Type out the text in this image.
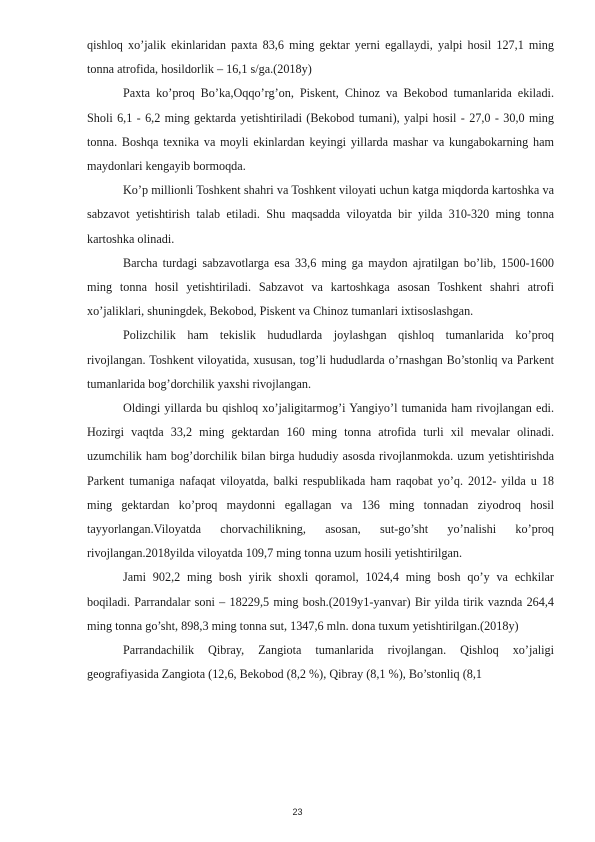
qishloq xo’jalik ekinlaridan paxta 83,6 ming gektar yerni egallaydi, yalpi hosil 127,1 ming tonna atrofida, hosildorlik – 16,1 s/ga.(2018y)

Paxta ko’proq Bo’ka,Oqqo’rg’on, Piskent, Chinoz va Bekobod tumanlarida ekiladi. Sholi 6,1 - 6,2 ming gektarda yetishtiriladi (Bekobod tumani), yalpi hosil - 27,0 - 30,0 ming tonna. Boshqa texnika va moyli ekinlardan keyingi yillarda mashar va kungabokarning ham maydonlari kengayib bormoqda.

Ko’p millionli Toshkent shahri va Toshkent viloyati uchun katga miqdorda kartoshka va sabzavot yetishtirish talab etiladi. Shu maqsadda viloyatda bir yilda 310-320 ming tonna kartoshka olinadi.

Barcha turdagi sabzavotlarga esa 33,6 ming ga maydon ajratilgan bo’lib, 1500-1600 ming tonna hosil yetishtiriladi. Sabzavot va kartoshkaga asosan Toshkent shahri atrofi xo’jaliklari, shuningdek, Bekobod, Piskent va Chinoz tumanlari ixtisoslashgan.

Polizchilik ham tekislik hududlarda joylashgan qishloq tumanlarida ko’proq rivojlangan. Toshkent viloyatida, xususan, tog’li hududlarda o’rnashgan Bo’stonliq va Parkent tumanlarida bog’dorchilik yaxshi rivojlangan.

Oldingi yillarda bu qishloq xo’jaligitarmog’i Yangiyo’l tumanida ham rivojlangan edi. Hozirgi vaqtda 33,2 ming gektardan 160 ming tonna atrofida turli xil mevalar olinadi. uzumchilik ham bog’dorchilik bilan birga hududiy asosda rivojlanmokda. uzum yetishtirishda Parkent tumaniga nafaqat viloyatda, balki respublikada ham raqobat yo’q. 2012- yilda u 18 ming gektardan ko’proq maydonni egallagan va 136 ming tonnadan ziyodroq hosil tayyorlangan.Viloyatda chorvachilikning, asosan, sut-go’sht yo’nalishi ko’proq rivojlangan.2018yilda viloyatda 109,7 ming tonna uzum hosili yetishtirilgan.

Jami 902,2 ming bosh yirik shoxli qoramol, 1024,4 ming bosh qo’y va echkilar boqiladi. Parrandalar soni – 18229,5 ming bosh.(2019y1-yanvar) Bir yilda tirik vaznda 264,4 ming tonna go’sht, 898,3 ming tonna sut, 1347,6 mln. dona tuxum yetishtirilgan.(2018y)

Parrandachilik Qibray, Zangiota tumanlarida rivojlangan. Qishloq xo’jaligi geografiyasida Zangiota (12,6, Bekobod (8,2 %), Qibray (8,1 %), Bo’stonliq (8,1

23
